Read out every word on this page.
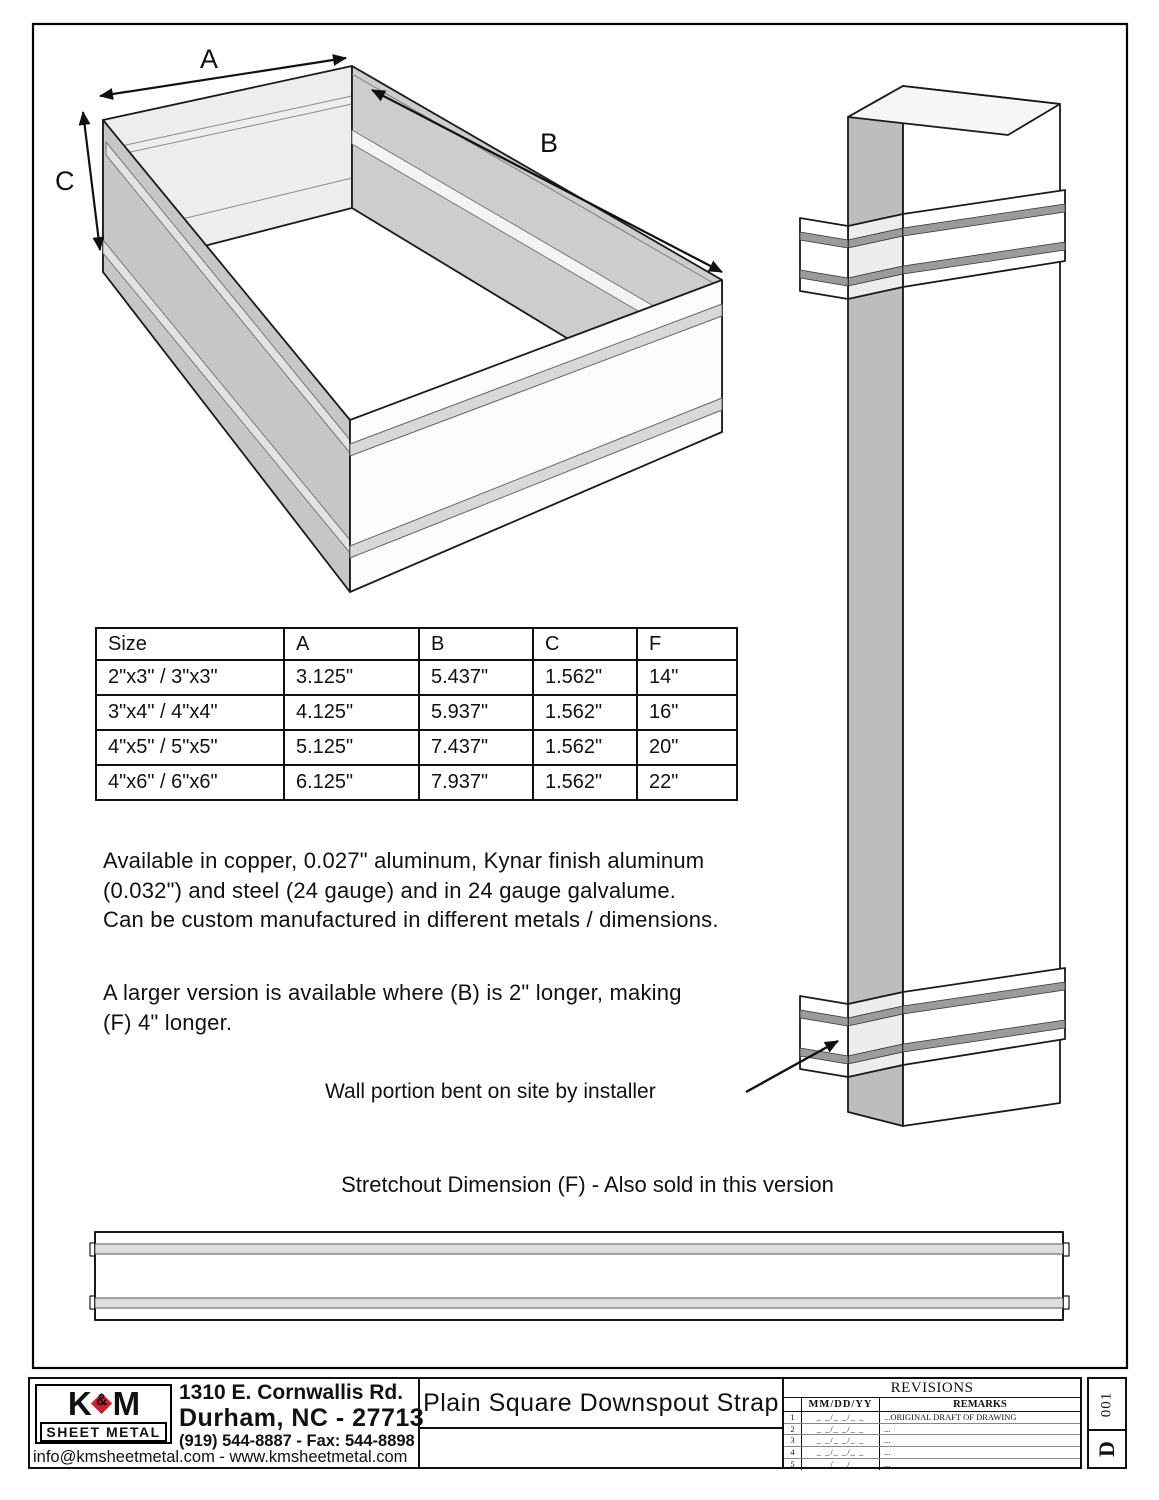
A
B
C
Size	A	B	C	F
2"x3" / 3"x3"	3.125"	5.437"	1.562"	14"
3"x4" / 4"x4"	4.125"	5.937"	1.562"	16"
4"x5" / 5"x5"	5.125"	7.437"	1.562"	20"
4"x6" / 6"x6"	6.125"	7.937"	1.562"	22"
Available in copper, 0.027" aluminum, Kynar finish aluminum
(0.032") and steel (24 gauge) and in 24 gauge galvalume.
Can be custom manufactured in different metals / dimensions.
A larger version is available where (B) is 2" longer, making
(F) 4" longer.
Wall portion bent on site by installer
Stretchout Dimension (F) - Also sold in this version
K & M
SHEET METAL
1310 E. Cornwallis Rd.
Durham, NC - 27713
(919) 544-8887 - Fax: 544-8898
info@kmsheetmetal.com - www.kmsheetmetal.com
Plain Square Downspout Strap
REVISIONS
MM/DD/YY	REMARKS
1	_ _/_ _/_ _	...ORIGINAL DRAFT OF DRAWING
2	_ _/_ _/_ _	...
3	_ _/_ _/_ _	...
4	_ _/_ _/_ _	...
5	_ _/_ _/_ _	...
001
D
